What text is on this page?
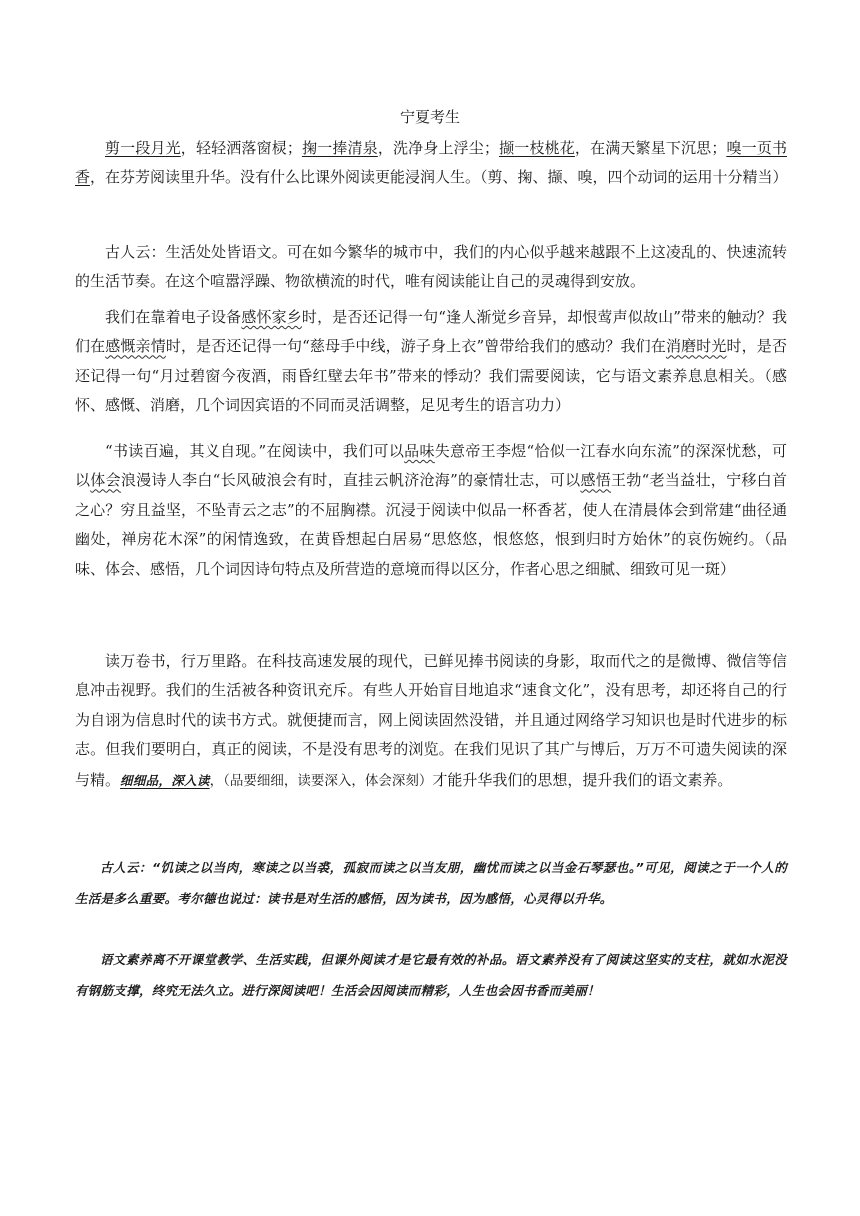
宁夏考生

剪一段月光，轻轻洒落窗棂；掬一捧清泉，洗净身上浮尘；撷一枝桃花，在满天繁星下沉思；嗅一页书香，在芬芳阅读里升华。没有什么比课外阅读更能浸润人生。（剪、掬、撷、嗅，四个动词的运用十分精当）

古人云：生活处处皆语文。可在如今繁华的城市中，我们的内心似乎越来越跟不上这凌乱的、快速流转的生活节奏。在这个喧嚣浮躁、物欲横流的时代，唯有阅读能让自己的灵魂得到安放。

我们在靠着电子设备感怀家乡时，是否还记得一句“逢人渐觉乡音异，却恨莺声似故山”带来的触动？我们在感慨亲情时，是否还记得一句“慈母手中线，游子身上衣”曾带给我们的感动？我们在消磨时光时，是否还记得一句“月过碧窗今夜酒，雨昏红壁去年书”带来的悸动？我们需要阅读，它与语文素养息息相关。（感怀、感慨、消磨，几个词因宾语的不同而灵活调整，足见考生的语言功力）

“书读百遍，其义自现。”在阅读中，我们可以品味失意帝王李煜“恰似一江春水向东流”的深深忧愁，可以体会浪漫诗人李白“长风破浪会有时，直挂云帆济沧海”的豪情壮志，可以感悟王勃“老当益壮，宁移白首之心？穷且益坚，不坠青云之志”的不屈胸襟。沉浸于阅读中似品一杯香茗，使人在清晨体会到常建“曲径通幽处，禅房花木深”的闲情逸致，在黄昏想起白居易“思悠悠，恨悠悠，恨到归时方始休”的哀伤婉约。（品味、体会、感悟，几个词因诗句特点及所营造的意境而得以区分，作者心思之细腻、细致可见一斑）

读万卷书，行万里路。在科技高速发展的现代，已鲜见捧书阅读的身影，取而代之的是微博、微信等信息冲击视野。我们的生活被各种资讯充斥。有些人开始盲目地追求“速食文化”，没有思考，却还将自己的行为自诩为信息时代的读书方式。就便捷而言，网上阅读固然没错，并且通过网络学习知识也是时代进步的标志。但我们要明白，真正的阅读，不是没有思考的浏览。在我们见识了其广与博后，万万不可遗失阅读的深与精。细细品，深入读，（品要细细，读要深入，体会深刻）才能升华我们的思想，提升我们的语文素养。

古人云：“饥读之以当肉，寒读之以当裘，孤寂而读之以当友朋，幽忧而读之以当金石琴瑟也。”可见，阅读之于一个人的生活是多么重要。考尔德也说过：读书是对生活的感悟，因为读书，因为感悟，心灵得以升华。

语文素养离不开课堂教学、生活实践，但课外阅读才是它最有效的补品。语文素养没有了阅读这坚实的支柱，就如水泥没有钢筋支撑，终究无法久立。进行深阅读吧！生活会因阅读而精彩，人生也会因书香而美丽！
